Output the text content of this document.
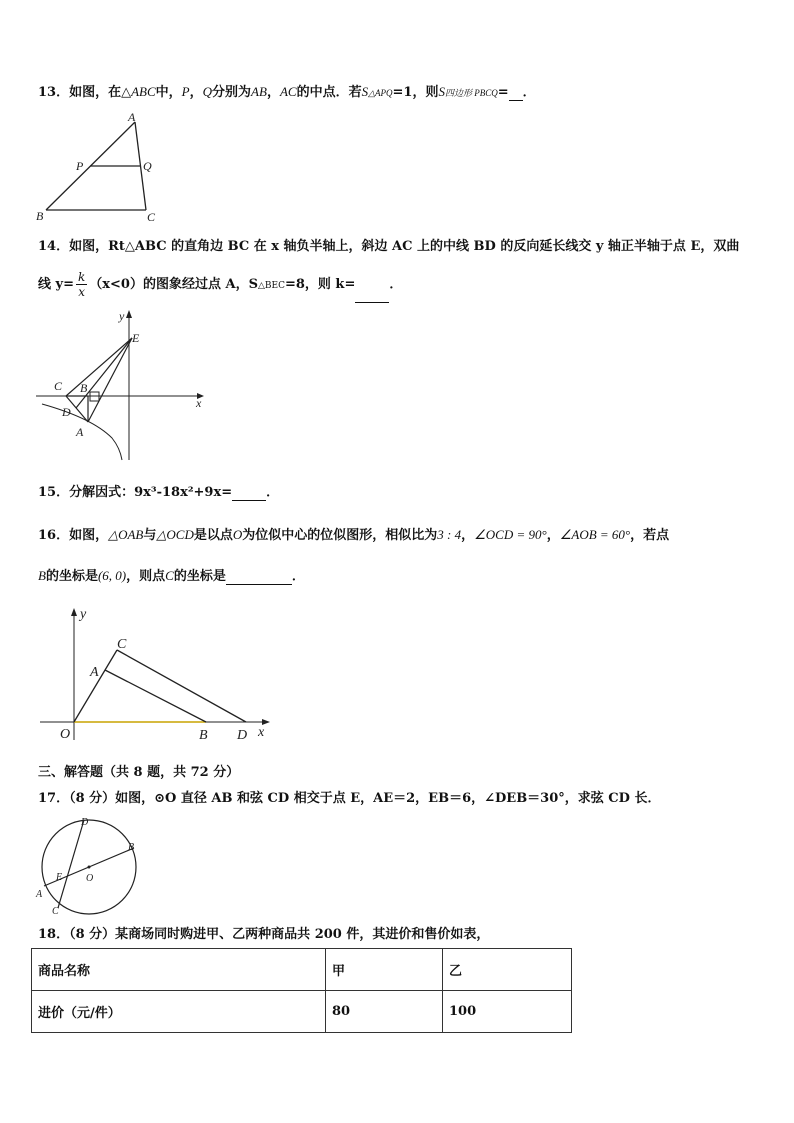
13．如图，在△ABC中，P，Q分别为AB，AC的中点．若S△APQ=1，则S四边形 PBCQ= ．
A
P	Q
B	C
14．如图，Rt△ABC 的直角边 BC 在 x 轴负半轴上，斜边 AC 上的中线 BD 的反向延长线交 y 轴正半轴于点 E，双曲
线 $y= \frac{k}{x} (x<0)$的图象经过点 A，S△BEC=8，则 k=	．
y
x
E
C B
D
A
15．分解因式：9x³-18x²+9x=	．
16．如图，△OAB与△OCD是以点O为位似中心的位似图形，相似比为3 : 4，∠OCD = 90°，∠AOB = 60°，若点
B的坐标是(6, 0)，则点C的坐标是	．
y
x
O
A
C
B D
三、解答题（共 8 题，共 72 分）
17．（8 分）如图，⊙O 直径 AB 和弦 CD 相交于点 E，AE＝2，EB＝6，∠DEB＝30°，求弦 CD 长．
D
B
E O
A
C
18．（8 分）某商场同时购进甲、乙两种商品共 200 件，其进价和售价如表，
商品名称	甲	乙
进价（元/件）	80	100
